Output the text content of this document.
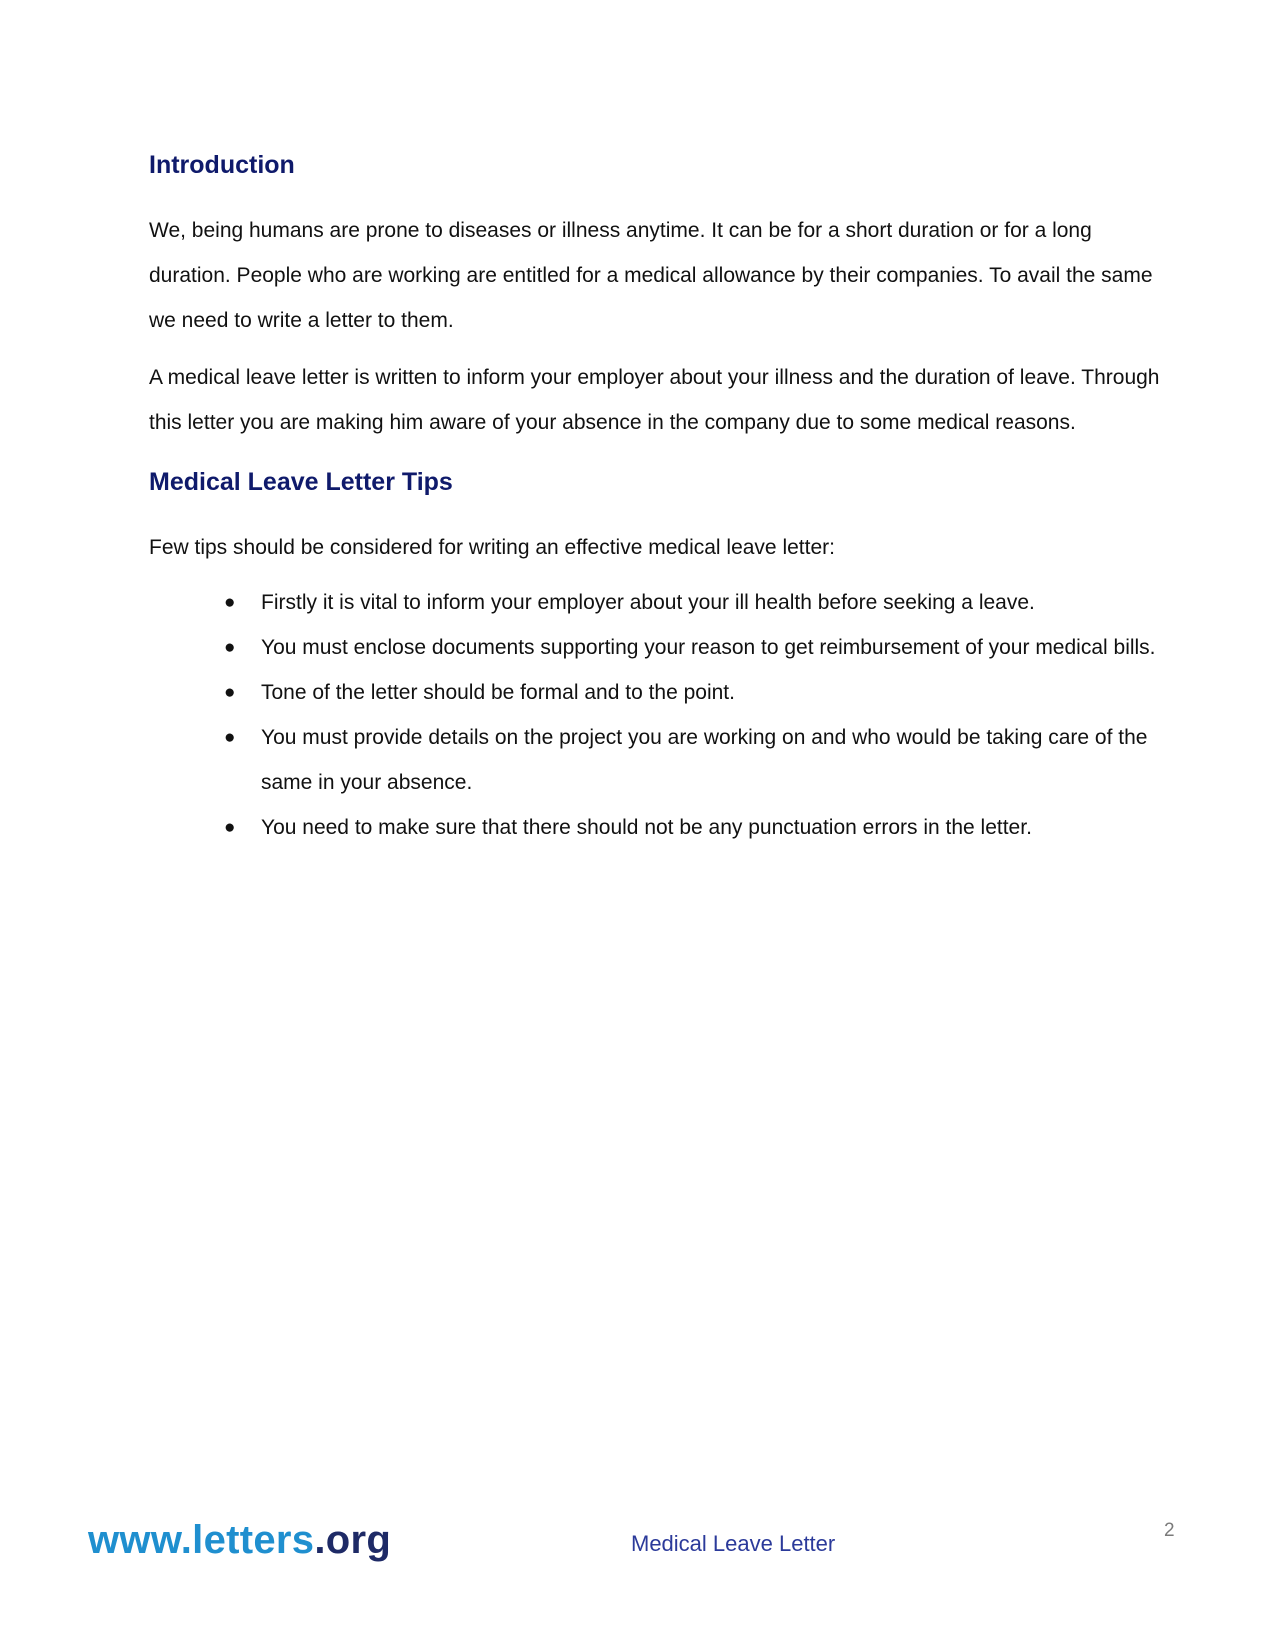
Introduction

We, being humans are prone to diseases or illness anytime. It can be for a short duration or for a long duration. People who are working are entitled for a medical allowance by their companies. To avail the same we need to write a letter to them.

A medical leave letter is written to inform your employer about your illness and the duration of leave. Through this letter you are making him aware of your absence in the company due to some medical reasons.

Medical Leave Letter Tips

Few tips should be considered for writing an effective medical leave letter:

●	Firstly it is vital to inform your employer about your ill health before seeking a leave.
●	You must enclose documents supporting your reason to get reimbursement of your medical bills.
●	Tone of the letter should be formal and to the point.
●	You must provide details on the project you are working on and who would be taking care of the same in your absence.
●	You need to make sure that there should not be any punctuation errors in the letter.
www.letters.org	Medical Leave Letter
2
